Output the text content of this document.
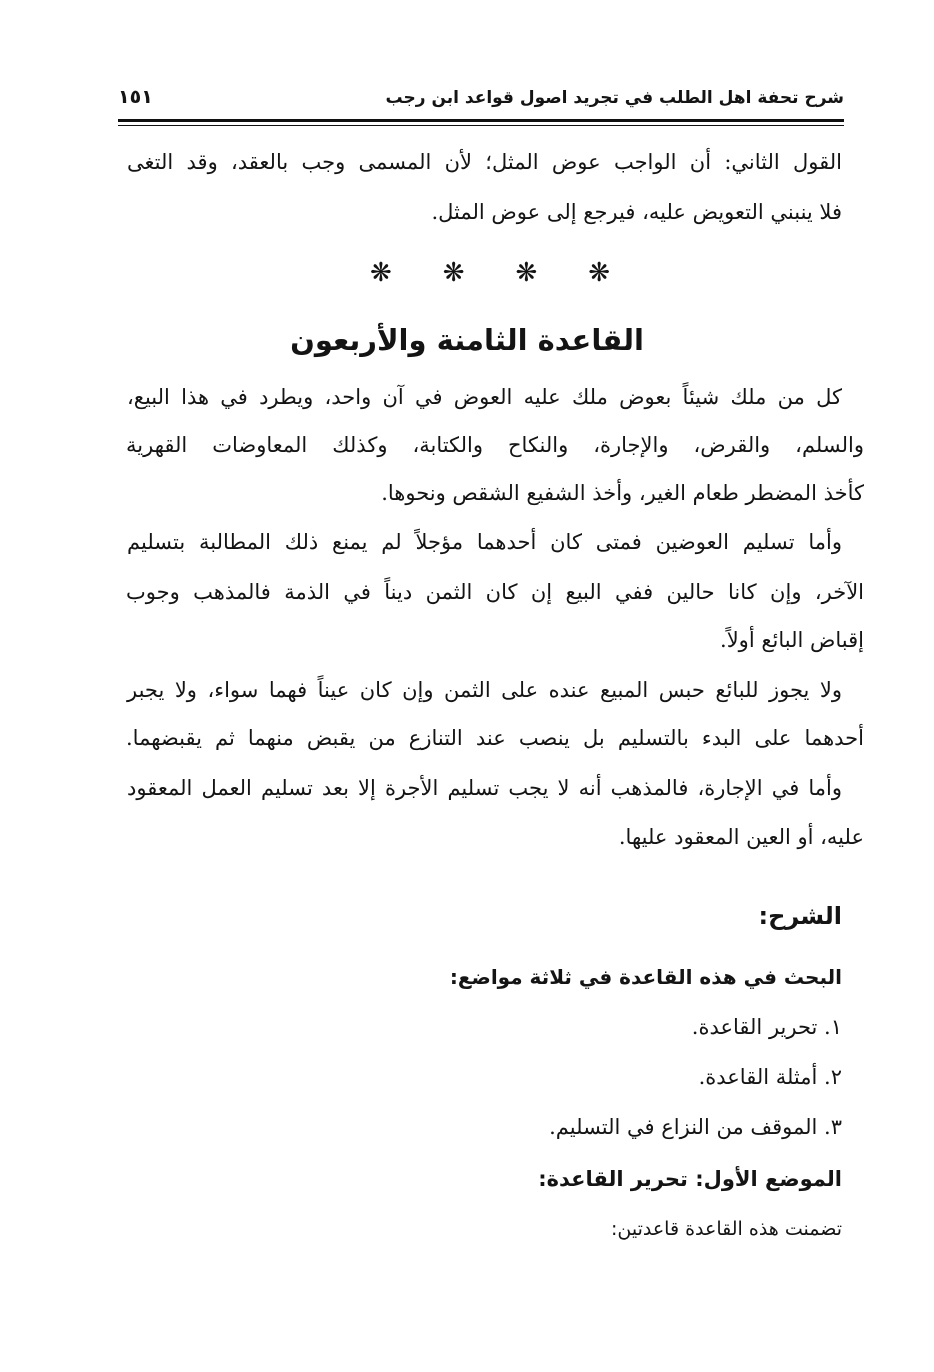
شرح تحفة اهل الطلب في تجريد اصول قواعد ابن رجب
١٥١
القول الثاني: أن الواجب عوض المثل؛ لأن المسمى وجب بالعقد، وقد التغى
فلا ينبني التعويض عليه، فيرجع إلى عوض المثل.
❋ ❋ ❋ ❋
القاعدة الثامنة والأربعون
كل من ملك شيئاً بعوض ملك عليه العوض في آن واحد، ويطرد في هذا البيع،
والسلم، والقرض، والإجارة، والنكاح والكتابة، وكذلك المعاوضات القهرية
كأخذ المضطر طعام الغير، وأخذ الشفيع الشقص ونحوها.
وأما تسليم العوضين فمتى كان أحدهما مؤجلاً لم يمنع ذلك المطالبة بتسليم
الآخر، وإن كانا حالين ففي البيع إن كان الثمن ديناً في الذمة فالمذهب وجوب
إقباض البائع أولاً.
ولا يجوز للبائع حبس المبيع عنده على الثمن وإن كان عيناً فهما سواء، ولا يجبر
أحدهما على البدء بالتسليم بل ينصب عند التنازع من يقبض منهما ثم يقبضهما.
وأما في الإجارة، فالمذهب أنه لا يجب تسليم الأجرة إلا بعد تسليم العمل المعقود
عليه، أو العين المعقود عليها.
الشرح:
البحث في هذه القاعدة في ثلاثة مواضع:
١. تحرير القاعدة.
٢. أمثلة القاعدة.
٣. الموقف من النزاع في التسليم.
الموضع الأول: تحرير القاعدة:
تضمنت هذه القاعدة قاعدتين:
